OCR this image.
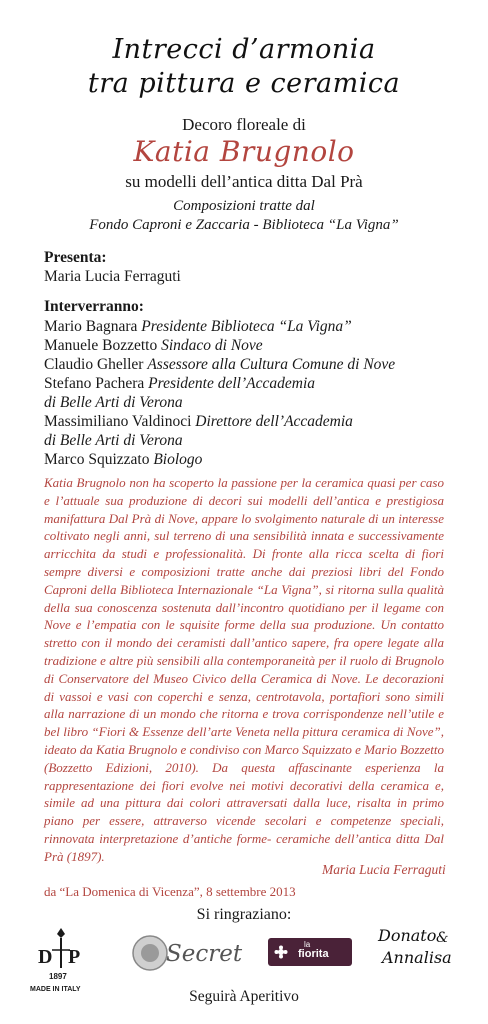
Intrecci d’armonia
tra pittura e ceramica
Decoro floreale di
Katia Brugnolo
su modelli dell’antica ditta Dal Prà
Composizioni tratte dal
Fondo Caproni e Zaccaria - Biblioteca “La Vigna”
Presenta:
Maria Lucia Ferraguti
Interverranno:
Mario Bagnara Presidente Biblioteca “La Vigna”
Manuele Bozzetto Sindaco di Nove
Claudio Gheller Assessore alla Cultura Comune di Nove
Stefano Pachera Presidente dell’Accademia
di Belle Arti di Verona
Massimiliano Valdinoci Direttore dell’Accademia
di Belle Arti di Verona
Marco Squizzato Biologo
Katia Brugnolo non ha scoperto la passione per la ceramica quasi per caso e l’attuale sua produzione di decori sui modelli dell’antica e prestigiosa manifattura Dal Prà di Nove, appare lo svolgimento naturale di un interesse coltivato negli anni, sul terreno di una sensibilità innata e successivamente arricchita da studi e professionalità. Di fronte alla ricca scelta di fiori sempre diversi e composizioni tratte anche dai preziosi libri del Fondo Caproni della Biblioteca Internazionale “La Vigna”, si ritorna sulla qualità della sua conoscenza sostenuta dall’incontro quotidiano per il legame con Nove e l’empatia con le squisite forme della sua produzione. Un contatto stretto con il mondo dei ceramisti dall’antico sapere, fra opere legate alla tradizione e altre più sensibili alla contemporaneità per il ruolo di Brugnolo di Conservatore del Museo Civico della Ceramica di Nove. Le decorazioni di vassoi e vasi con coperchi e senza, centrotavola, portafiori sono simili alla narrazione di un mondo che ritorna e trova corrispondenze nell’utile e bel libro “Fiori & Essenze dell’arte Veneta nella pittura ceramica di Nove”, ideato da Katia Brugnolo e condiviso con Marco Squizzato e Mario Bozzetto (Bozzetto Edizioni, 2010). Da questa affascinante esperienza la rappresentazione dei fiori evolve nei motivi decorativi della ceramica e, simile ad una pittura dai colori attraversati dalla luce, risalta in primo piano per essere, attraverso vicende secolari e competenze speciali, rinnovata interpretazione d’antiche forme- ceramiche dell’antica ditta Dal Prà (1897).
Maria Lucia Ferraguti
da “La Domenica di Vicenza”, 8 settembre 2013
Si ringraziano:
D P
1897
MADE IN ITALY
Secret	la
fiorita
Donato &
Annalisa
Seguirà Aperitivo
